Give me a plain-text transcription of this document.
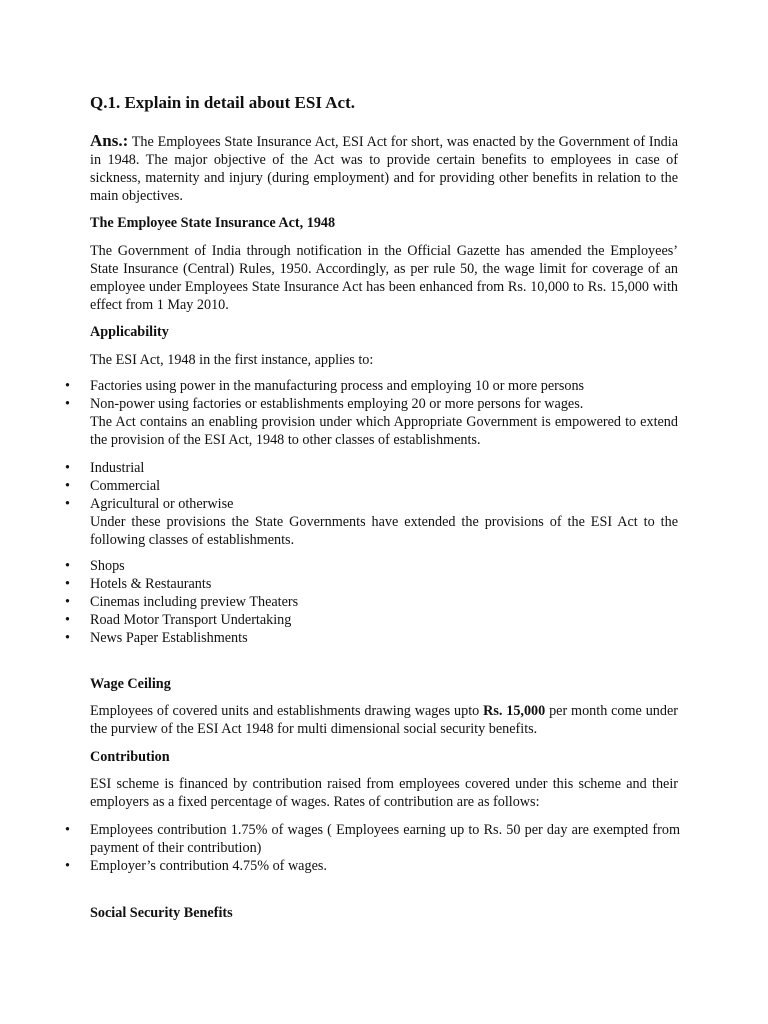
Q.1. Explain in detail about ESI Act.

Ans.: The Employees State Insurance Act, ESI Act for short, was enacted by the Government of India in 1948. The major objective of the Act was to provide certain benefits to employees in case of sickness, maternity and injury (during employment) and for providing other benefits in relation to the main objectives.

The Employee State Insurance Act, 1948

The Government of India through notification in the Official Gazette has amended the Employees’ State Insurance (Central) Rules, 1950. Accordingly, as per rule 50, the wage limit for coverage of an employee under Employees State Insurance Act has been enhanced from Rs. 10,000 to Rs. 15,000 with effect from 1 May 2010.

Applicability

The ESI Act, 1948 in the first instance, applies to:

• Factories using power in the manufacturing process and employing 10 or more persons
• Non-power using factories or establishments employing 20 or more persons for wages.

The Act contains an enabling provision under which Appropriate Government is empowered to extend the provision of the ESI Act, 1948 to other classes of establishments.

• Industrial
• Commercial
• Agricultural or otherwise

Under these provisions the State Governments have extended the provisions of the ESI Act to the following classes of establishments.

• Shops
• Hotels & Restaurants
• Cinemas including preview Theaters
• Road Motor Transport Undertaking
• News Paper Establishments
Wage Ceiling

Employees of covered units and establishments drawing wages upto Rs. 15,000 per month come under the purview of the ESI Act 1948 for multi dimensional social security benefits.

Contribution

ESI scheme is financed by contribution raised from employees covered under this scheme and their employers as a fixed percentage of wages. Rates of contribution are as follows:

• Employees contribution 1.75% of wages ( Employees earning up to Rs. 50 per day are exempted from payment of their contribution)
• Employer’s contribution 4.75% of wages.
Social Security Benefits
